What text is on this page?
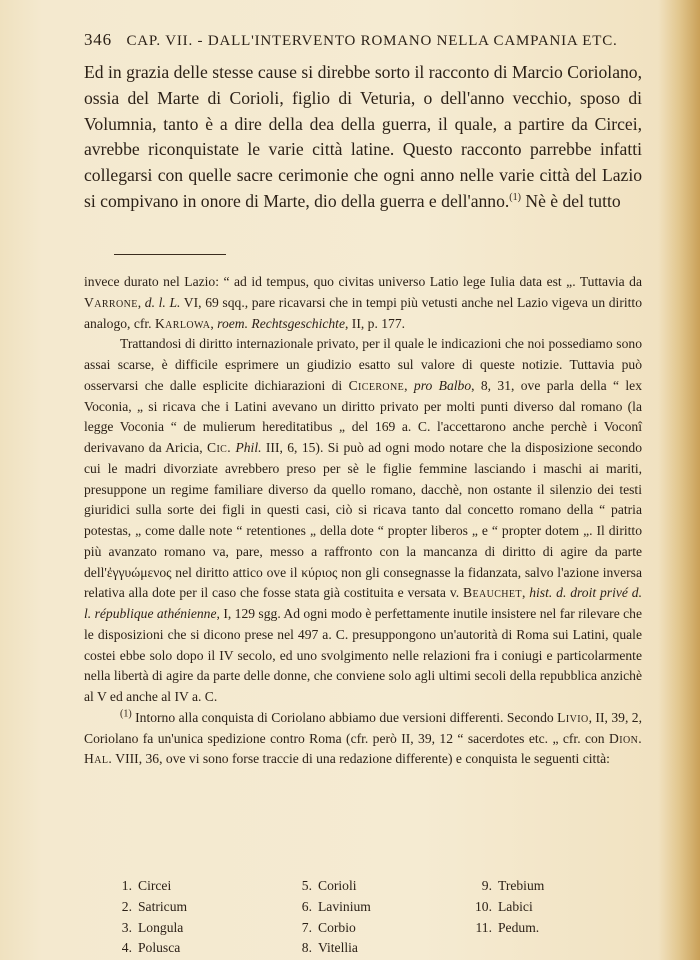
346 CAP. VII. - DALL'INTERVENTO ROMANO NELLA CAMPANIA ETC.

Ed in grazia delle stesse cause si direbbe sorto il racconto di Marcio Coriolano, ossia del Marte di Corioli, figlio di Veturia, o dell'anno vecchio, sposo di Volumnia, tanto è a dire della dea della guerra, il quale, a partire da Circei, avrebbe riconquistate le varie città latine. Questo racconto parrebbe infatti collegarsi con quelle sacre cerimonie che ogni anno nelle varie città del Lazio si compivano in onore di Marte, dio della guerra e dell'anno.$^{(1)}$ Nè è del tutto

invece durato nel Lazio: “ ad id tempus, quo civitas universo Latio lege Iulia data est „. Tuttavia da Varrone, d. l. L. VI, 69 sqq., pare ricavarsi che in tempi più vetusti anche nel Lazio vigeva un diritto analogo, cfr. Karlowa, roem. Rechtsgeschichte, II, p. 177.

Trattandosi di diritto internazionale privato, per il quale le indicazioni che noi possediamo sono assai scarse, è difficile esprimere un giudizio esatto sul valore di queste notizie. Tuttavia può osservarsi che dalle esplicite dichiarazioni di Cicerone, pro Balbo, 8, 31, ove parla della “ lex Voconia, „ si ricava che i Latini avevano un diritto privato per molti punti diverso dal romano (la legge Voconia “ de mulierum hereditatibus „ del 169 a. C. l'accettarono anche perchè i Voconî derivavano da Aricia, Cic. Phil. III, 6, 15). Si può ad ogni modo notare che la disposizione secondo cui le madri divorziate avrebbero preso per sè le figlie femmine lasciando i maschi ai mariti, presuppone un regime familiare diverso da quello romano, dacchè, non ostante il silenzio dei testi giuridici sulla sorte dei figli in questi casi, ciò si ricava tanto dal concetto romano della “ patria potestas, „ come dalle note “ retentiones „ della dote “ propter liberos „ e “ propter dotem „. Il diritto più avanzato romano va, pare, messo a raffronto con la mancanza di diritto di agire da parte dell'ἐγγυώμενος nel diritto attico ove il κύριος non gli consegnasse la fidanzata, salvo l'azione inversa relativa alla dote per il caso che fosse stata già costituita e versata v. Beauchet, hist. d. droit privé d. l. république athénienne, I, 129 sgg. Ad ogni modo è perfettamente inutile insistere nel far rilevare che le disposizioni che si dicono prese nel 497 a. C. presuppongono un'autorità di Roma sui Latini, quale costei ebbe solo dopo il IV secolo, ed uno svolgimento nelle relazioni fra i coniugi e particolarmente nella libertà di agire da parte delle donne, che conviene solo agli ultimi secoli della repubblica anzichè al V ed anche al IV a. C.

$^{(1)}$ Intorno alla conquista di Coriolano abbiamo due versioni differenti. Secondo Livio, II, 39, 2, Coriolano fa un'unica spedizione contro Roma (cfr. però II, 39, 12 “ sacerdotes etc. „ cfr. con Dion. Hal. VIII, 36, ove vi sono forse traccie di una redazione differente) e conquista le seguenti città:

1. Circei
2. Satricum
3. Longula
4. Polusca
5. Corioli
6. Lavinium
7. Corbio
8. Vitellia
9. Trebium
10. Labici
11. Pedum.
